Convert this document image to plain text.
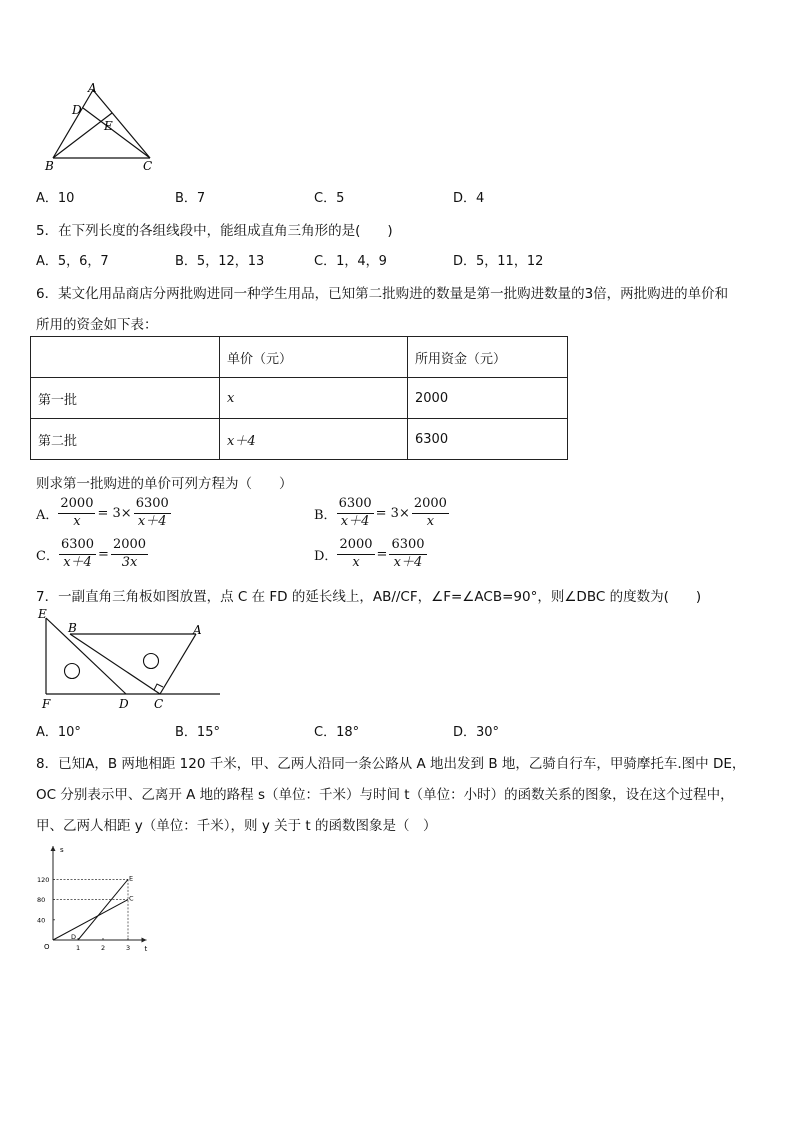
A
D
E
B	C
A．10	B．7	C．5	D．4
5．在下列长度的各组线段中，能组成直角三角形的是(　　)
A．5，6，7	B．5，12，13	C．1，4，9	D．5，11，12
6．某文化用品商店分两批购进同一种学生用品，已知第二批购进的数量是第一批购进数量的3倍，两批购进的单价和
所用的资金如下表：
	单价（元）	所用资金（元）
第一批	x	2000
第二批	x＋4	6300
则求第一批购进的单价可列方程为（　　）
A． $\frac{2000}{x} = 3\times \frac{6300}{x+4}$	B． $\frac{6300}{x+4} = 3\times \frac{2000}{x}$
C． $\frac{6300}{x+4} = \frac{2000}{3x}$	D． $\frac{2000}{x} = \frac{6300}{x+4}$
7．一副直角三角板如图放置，点 C 在 FD 的延长线上，AB//CF，∠F=∠ACB=90°，则∠DBC 的度数为(　　)
E
B	A
F	D C
A．10°	B．15°	C．18°	D．30°
8．已知A，B 两地相距 120 千米，甲、乙两人沿同一条公路从 A 地出发到 B 地，乙骑自行车，甲骑摩托车.图中 DE，
OC 分别表示甲、乙离开 A 地的路程 s（单位：千米）与时间 t（单位：小时）的函数关系的图象，设在这个过程中，
甲、乙两人相距 y（单位：千米），则 y 关于 t 的函数图象是（　）
s
t
O
40
80
120
1	2	3
D
E
C
